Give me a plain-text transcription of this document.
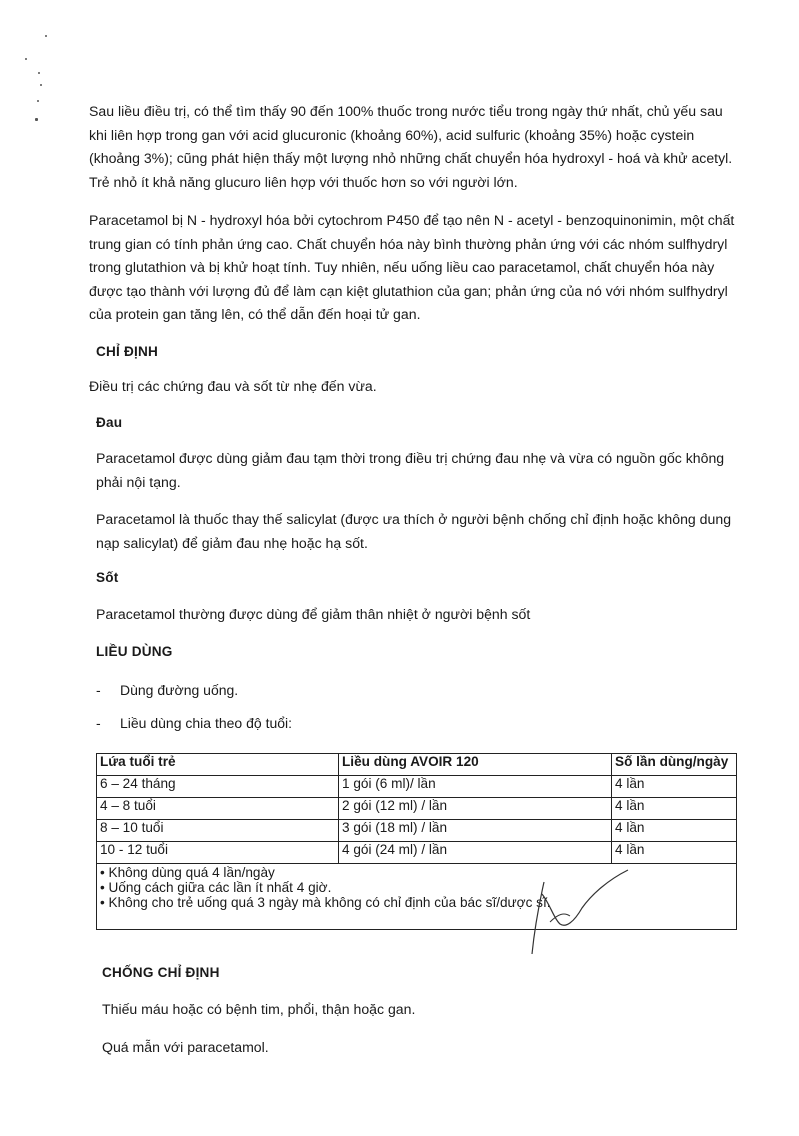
Sau liều điều trị, có thể tìm thấy 90 đến 100% thuốc trong nước tiểu trong ngày thứ nhất, chủ yếu sau khi liên hợp trong gan với acid glucuronic (khoảng 60%), acid sulfuric (khoảng 35%) hoặc cystein (khoảng 3%); cũng phát hiện thấy một lượng nhỏ những chất chuyển hóa hydroxyl - hoá và khử acetyl. Trẻ nhỏ ít khả năng glucuro liên hợp với thuốc hơn so với người lớn.

Paracetamol bị N - hydroxyl hóa bởi cytochrom P450 để tạo nên N - acetyl - benzoquinonimin, một chất trung gian có tính phản ứng cao. Chất chuyển hóa này bình thường phản ứng với các nhóm sulfhydryl trong glutathion và bị khử hoạt tính. Tuy nhiên, nếu uống liều cao paracetamol, chất chuyển hóa này được tạo thành với lượng đủ để làm cạn kiệt glutathion của gan; phản ứng của nó với nhóm sulfhydryl của protein gan tăng lên, có thể dẫn đến hoại tử gan.

CHỈ ĐỊNH

Điều trị các chứng đau và sốt từ nhẹ đến vừa.

Đau

Paracetamol được dùng giảm đau tạm thời trong điều trị chứng đau nhẹ và vừa có nguồn gốc không phải nội tạng.

Paracetamol là thuốc thay thế salicylat (được ưa thích ở người bệnh chống chỉ định hoặc không dung nạp salicylat) để giảm đau nhẹ hoặc hạ sốt.

Sốt

Paracetamol thường được dùng để giảm thân nhiệt ở người bệnh sốt

LIỀU DÙNG

- Dùng đường uống.

- Liều dùng chia theo độ tuổi:

Lứa tuổi trẻ	Liều dùng AVOIR 120	Số lần dùng/ngày
6 – 24 tháng	1 gói (6 ml)/ lần	4 lần
4 – 8 tuổi	2 gói (12 ml) / lần	4 lần
8 – 10 tuổi	3 gói (18 ml) / lần	4 lần
10 - 12 tuổi	4 gói (24 ml) / lần	4 lần

• Không dùng quá 4 lần/ngày
• Uống cách giữa các lần ít nhất 4 giờ.
• Không cho trẻ uống quá 3 ngày mà không có chỉ định của bác sĩ/dược sĩ.		
CHỐNG CHỈ ĐỊNH

Thiếu máu hoặc có bệnh tim, phổi, thận hoặc gan.

Quá mẫn với paracetamol.
